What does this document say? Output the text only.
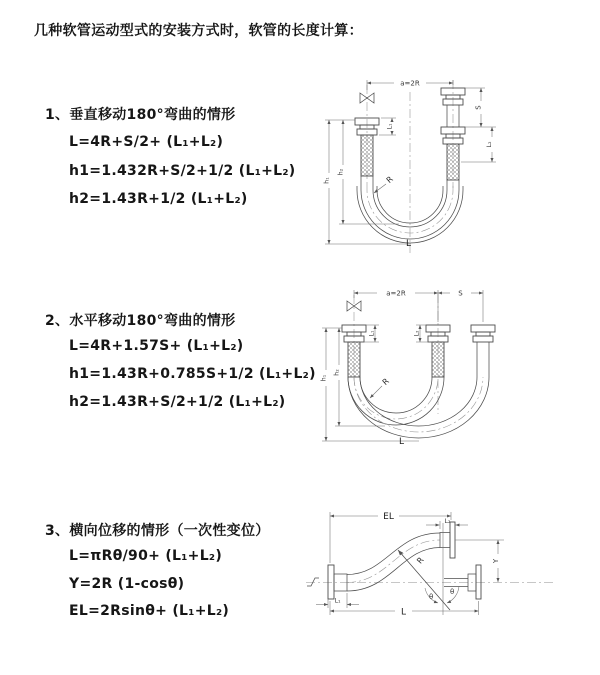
几种软管运动型式的安装方式时，软管的长度计算：
1、垂直移动180°弯曲的情形
L=4R+S/2+ (L₁+L₂)
h1=1.432R+S/2+1/2 (L₁+L₂)
h2=1.43R+1/2 (L₁+L₂)
2、水平移动180°弯曲的情形
L=4R+1.57S+ (L₁+L₂)
h1=1.43R+0.785S+1/2 (L₁+L₂)
h2=1.43R+S/2+1/2 (L₁+L₂)
3、横向位移的情形（一次性变位）
L=πRθ/90+ (L₁+L₂)
Y=2R (1-cosθ)
EL=2Rsinθ+ (L₁+L₂)
a=2R
S
L₂
L₁
h₁
h₂
R
L
a=2R	S
L₁	L₂
h₁
h₂
R
L
R
θ
θ
EL	L₂
Y
L
L₁
